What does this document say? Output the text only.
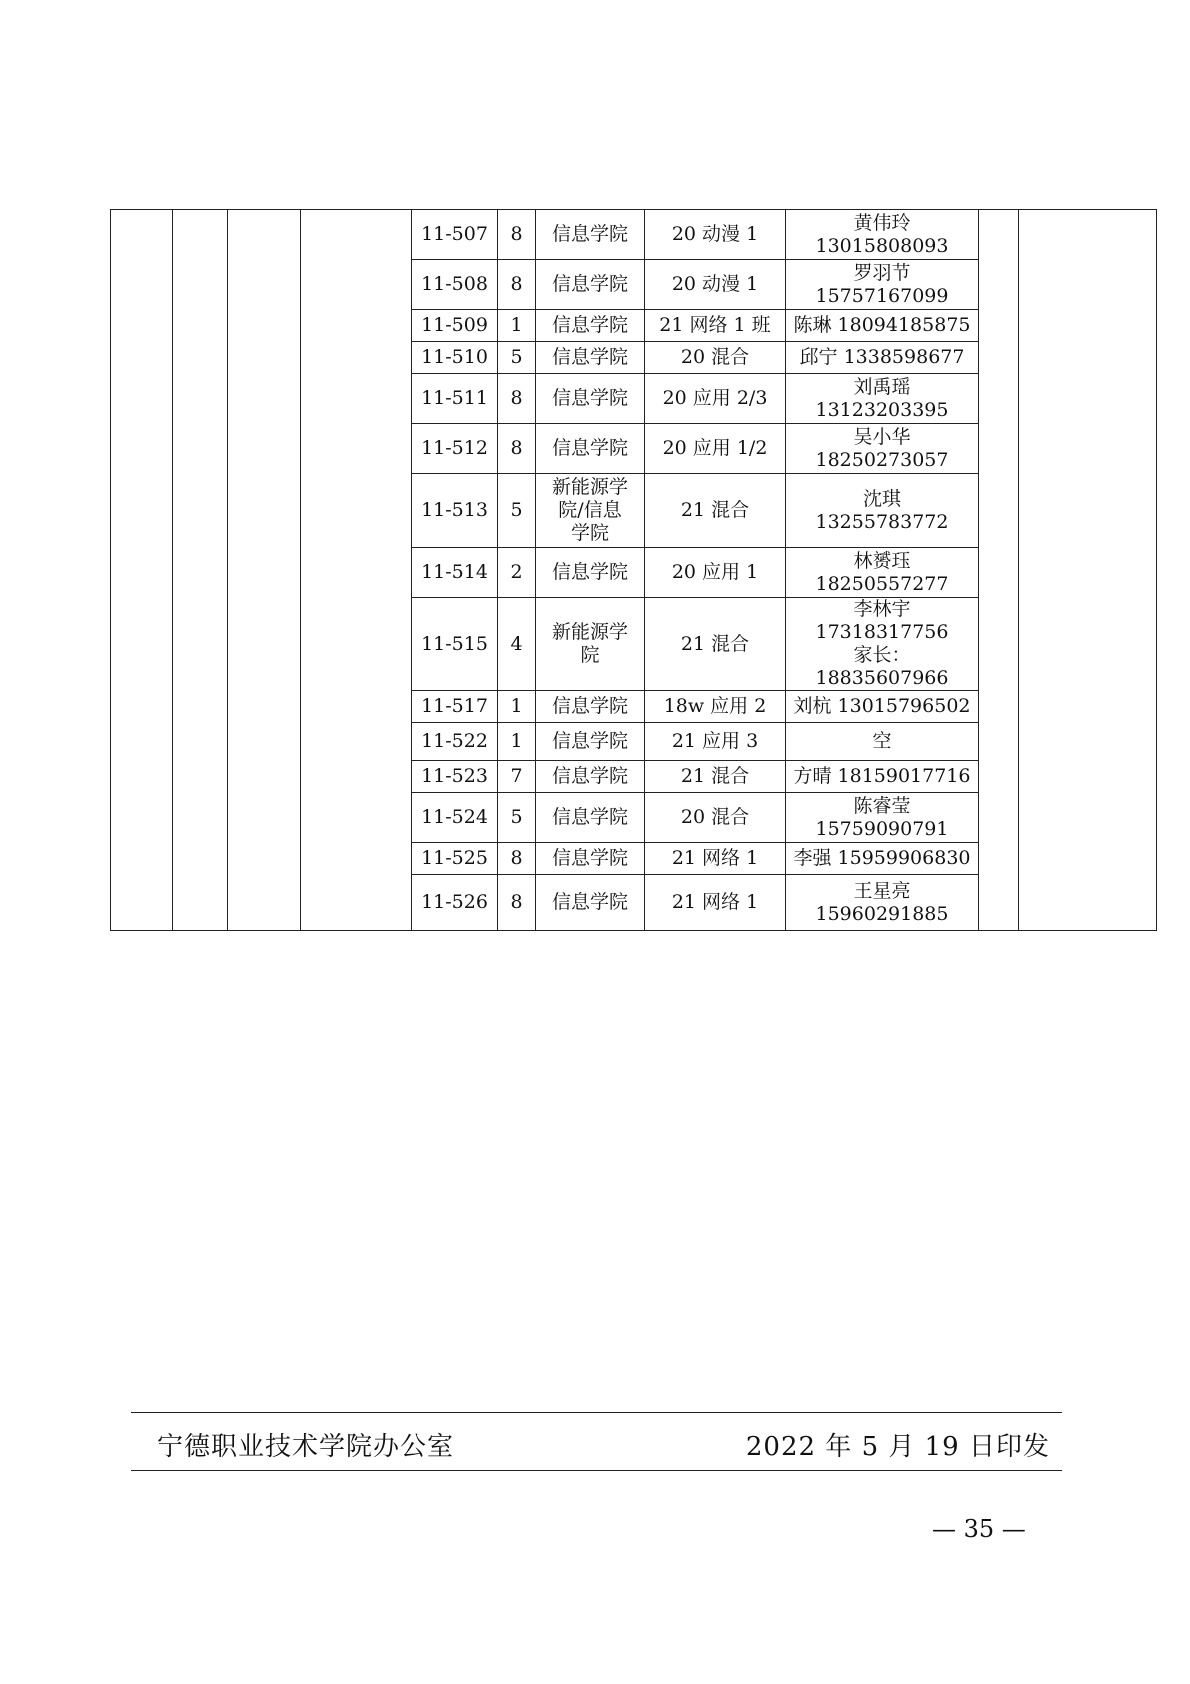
				11-507	8	信息学院	20 动漫 1	黄伟玲
13015808093		

				11-508	8	信息学院	20 动漫 1	罗羽节
15757167099		

				11-509	1	信息学院	21 网络 1 班	陈琳 18094185875		

				11-510	5	信息学院	20 混合	邱宁 1338598677		

				11-511	8	信息学院	20 应用 2/3	刘禹瑶
13123203395		

				11-512	8	信息学院	20 应用 1/2	吴小华
18250273057		

				11-513	5	新能源学
院/信息
学院	21 混合	沈琪
13255783772		

				11-514	2	信息学院	20 应用 1	林赟珏
18250557277		

				11-515	4	新能源学
院	21 混合	李林宇
17318317756
家长：18835607966		

				11-517	1	信息学院	18w 应用 2	刘杭 13015796502		

				11-522	1	信息学院	21 应用 3	空		

				11-523	7	信息学院	21 混合	方晴 18159017716		

				11-524	5	信息学院	20 混合	陈睿莹
15759090791		

				11-525	8	信息学院	21 网络 1	李强 15959906830		

				11-526	8	信息学院	21 网络 1	王星亮
15960291885		
宁德职业技术学院办公室	2022 年 5 月 19 日印发
— 35 —
